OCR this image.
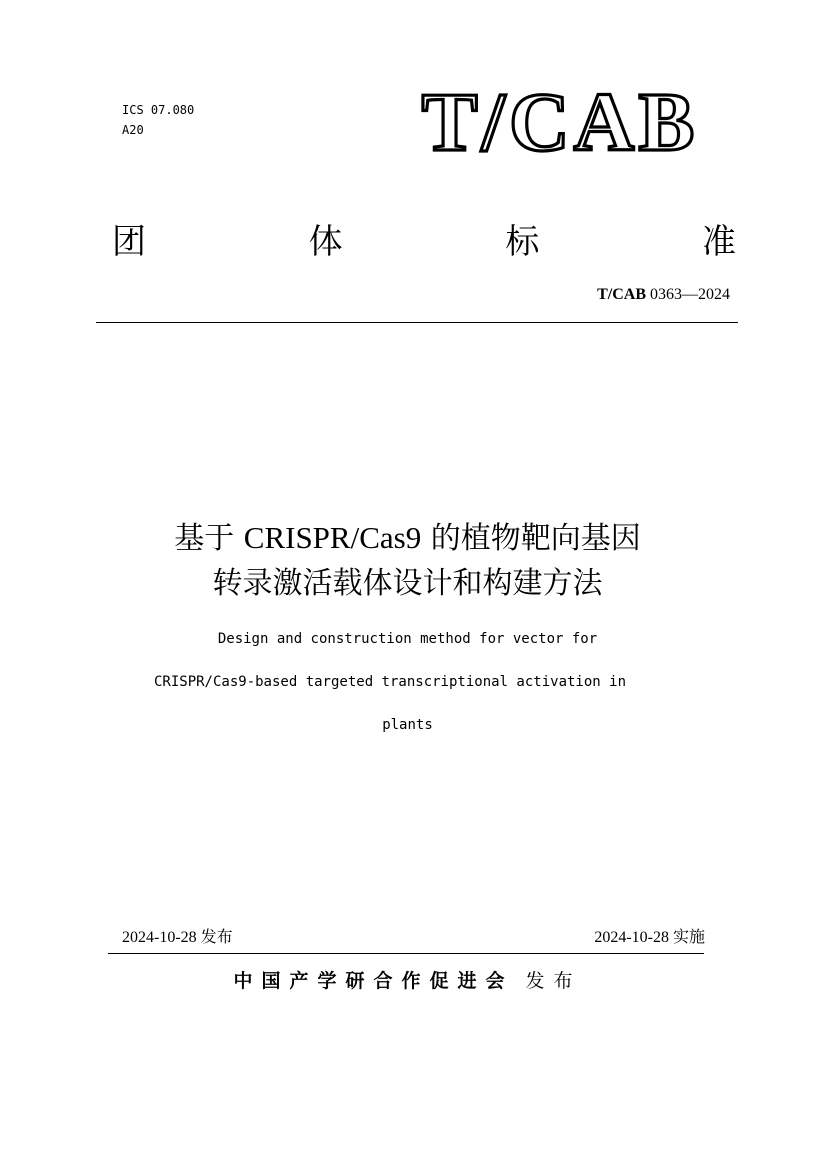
ICS 07.080
A20	T/CAB
团	体	标	准
T/CAB 0363—2024
基于 CRISPR/Cas9 的植物靶向基因
转录激活载体设计和构建方法
Design and construction method for vector for
CRISPR/Cas9-based targeted transcriptional activation in
plants
2024-10-28 发布	2024-10-28 实施
中国产学研合作促进会 发布
